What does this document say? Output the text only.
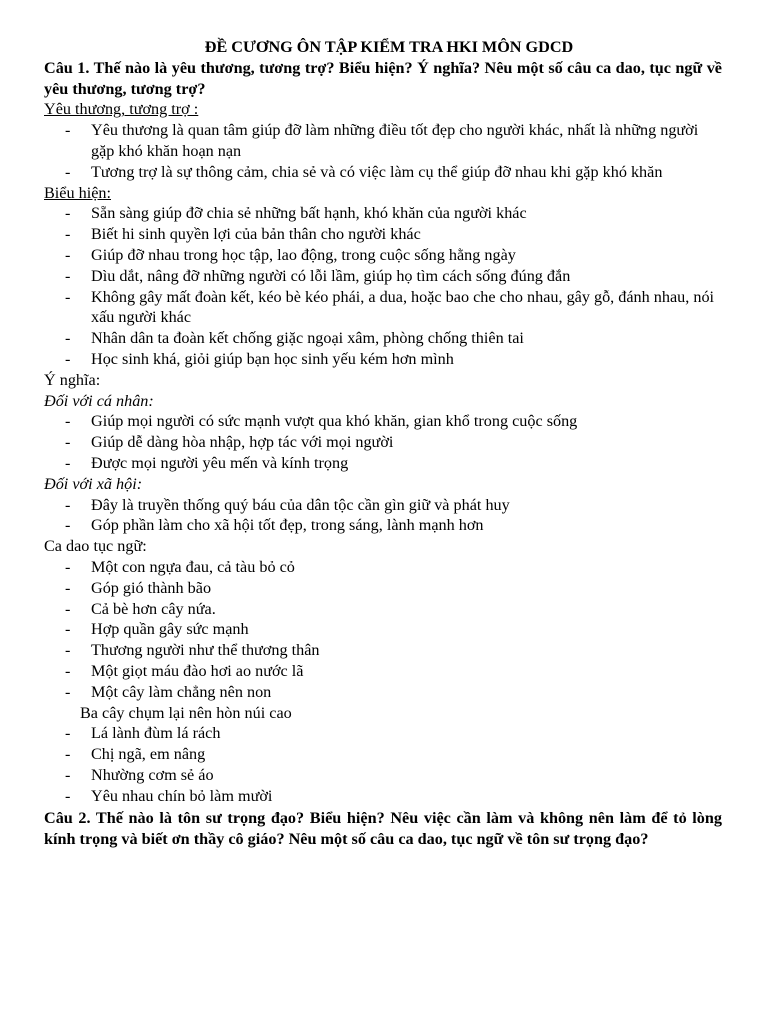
ĐỀ CƯƠNG ÔN TẬP KIỂM TRA HKI MÔN GDCD

Câu 1. Thế nào là yêu thương, tương trợ? Biểu hiện? Ý nghĩa? Nêu một số câu ca dao, tục ngữ về yêu thương, tương trợ?

Yêu thương, tương trợ :

- Yêu thương là quan tâm giúp đỡ làm những điều tốt đẹp cho người khác, nhất là những người gặp khó khăn hoạn nạn
- Tương trợ là sự thông cảm, chia sẻ và có việc làm cụ thể giúp đỡ nhau khi gặp khó khăn

Biểu hiện:

- Sẵn sàng giúp đỡ chia sẻ những bất hạnh, khó khăn của người khác
- Biết hi sinh quyền lợi của bản thân cho người khác
- Giúp đỡ nhau trong học tập, lao động, trong cuộc sống hằng ngày
- Dìu dắt, nâng đỡ những người có lỗi lầm, giúp họ tìm cách sống đúng đắn
- Không gây mất đoàn kết, kéo bè kéo phái, a dua, hoặc bao che cho nhau, gây gỗ, đánh nhau, nói xấu người khác
- Nhân dân ta đoàn kết chống giặc ngoại xâm, phòng chống thiên tai
- Học sinh khá, giỏi giúp bạn học sinh yếu kém hơn mình

Ý nghĩa:

Đối với cá nhân:

- Giúp mọi người có sức mạnh vượt qua khó khăn, gian khổ trong cuộc sống
- Giúp dễ dàng hòa nhập, hợp tác với mọi người
- Được mọi người yêu mến và kính trọng

Đối với xã hội:

- Đây là truyền thống quý báu của dân tộc cần gìn giữ và phát huy
- Góp phần làm cho xã hội tốt đẹp, trong sáng, lành mạnh hơn

Ca dao tục ngữ:

- Một con ngựa đau, cả tàu bỏ cỏ
- Góp gió thành bão
- Cả bè hơn cây nứa.
- Hợp quần gây sức mạnh
- Thương người như thể thương thân
- Một giọt máu đào hơi ao nước lã
- Một cây làm chẳng nên non

Ba cây chụm lại nên hòn núi cao

- Lá lành đùm lá rách
- Chị ngã, em nâng
- Nhường cơm sẻ áo
- Yêu nhau chín bỏ làm mười

Câu 2. Thế nào là tôn sư trọng đạo? Biểu hiện? Nêu việc cần làm và không nên làm để tỏ lòng kính trọng và biết ơn thầy cô giáo? Nêu một số câu ca dao, tục ngữ về tôn sư trọng đạo?
